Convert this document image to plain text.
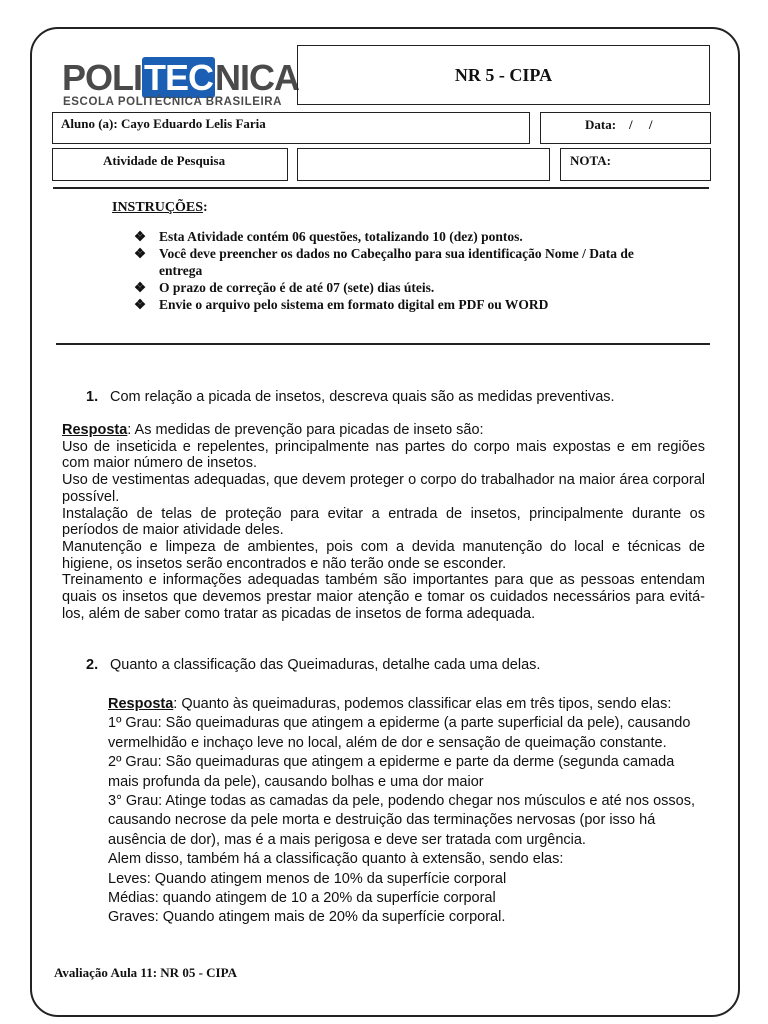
POLITECNICA
ESCOLA POLITÉCNICA BRASILEIRA
NR 5 - CIPA
Aluno (a): Cayo Eduardo Lelis Faria	Data:    /     /
Atividade de Pesquisa	NOTA:
INSTRUÇÕES:
❖ Esta Atividade contém 06 questões, totalizando 10 (dez) pontos.
❖ Você deve preencher os dados no Cabeçalho para sua identificação Nome / Data de entrega
❖ O prazo de correção é de até 07 (sete) dias úteis.
❖ Envie o arquivo pelo sistema em formato digital em PDF ou WORD
1. Com relação a picada de insetos, descreva quais são as medidas preventivas.

Resposta: As medidas de prevenção para picadas de inseto são:

Uso de inseticida e repelentes, principalmente nas partes do corpo mais expostas e em regiões com maior número de insetos.

Uso de vestimentas adequadas, que devem proteger o corpo do trabalhador na maior área corporal possível.

Instalação de telas de proteção para evitar a entrada de insetos, principalmente durante os períodos de maior atividade deles.

Manutenção e limpeza de ambientes, pois com a devida manutenção do local e técnicas de higiene, os insetos serão encontrados e não terão onde se esconder.

Treinamento e informações adequadas também são importantes para que as pessoas entendam quais os insetos que devemos prestar maior atenção e tomar os cuidados necessários para evitá-los, além de saber como tratar as picadas de insetos de forma adequada.

2. Quanto a classificação das Queimaduras, detalhe cada uma delas.

Resposta: Quanto às queimaduras, podemos classificar elas em três tipos, sendo elas:

1º Grau: São queimaduras que atingem a epiderme (a parte superficial da pele), causando vermelhidão e inchaço leve no local, além de dor e sensação de queimação constante.

2º Grau: São queimaduras que atingem a epiderme e parte da derme (segunda camada mais profunda da pele), causando bolhas e uma dor maior

3° Grau: Atinge todas as camadas da pele, podendo chegar nos músculos e até nos ossos, causando necrose da pele morta e destruição das terminações nervosas (por isso há ausência de dor), mas é a mais perigosa e deve ser tratada com urgência.

Alem disso, também há a classificação quanto à extensão, sendo elas:

Leves: Quando atingem menos de 10% da superfície corporal

Médias: quando atingem de 10 a 20% da superfície corporal

Graves: Quando atingem mais de 20% da superfície corporal.

Avaliação Aula 11: NR 05 - CIPA
